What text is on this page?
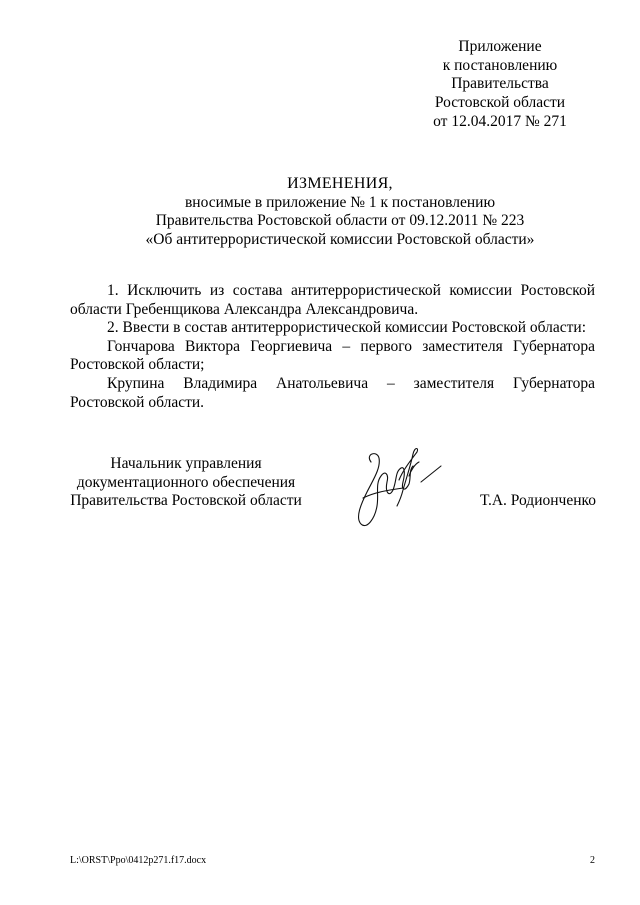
Приложение
к постановлению
Правительства
Ростовской области
от 12.04.2017 № 271
ИЗМЕНЕНИЯ,
вносимые в приложение № 1 к постановлению
Правительства Ростовской области от 09.12.2011 № 223
«Об антитеррористической комиссии Ростовской области»

1. Исключить из состава антитеррористической комиссии Ростовской области Гребенщикова Александра Александровича.

2. Ввести в состав антитеррористической комиссии Ростовской области:

Гончарова Виктора Георгиевича – первого заместителя Губернатора Ростовской области;

Крупина Владимира Анатольевича – заместителя Губернатора Ростовской области.

Начальник управления
документационного обеспечения
Правительства Ростовской области	Т.А. Родионченко
L:\ORST\Ppo\0412p271.f17.docx	2
